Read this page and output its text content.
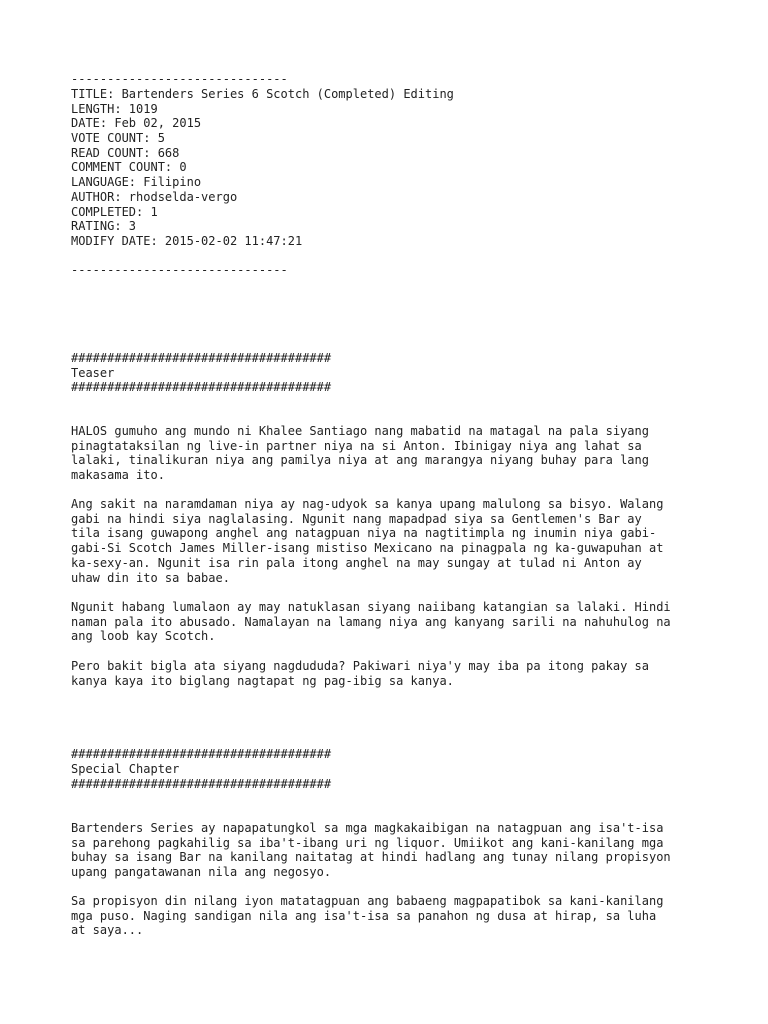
------------------------------
TITLE: Bartenders Series 6 Scotch (Completed) Editing
LENGTH: 1019
DATE: Feb 02, 2015
VOTE COUNT: 5
READ COUNT: 668
COMMENT COUNT: 0
LANGUAGE: Filipino
AUTHOR: rhodselda-vergo
COMPLETED: 1
RATING: 3
MODIFY DATE: 2015-02-02 11:47:21
------------------------------
####################################
Teaser
####################################
HALOS gumuho ang mundo ni Khalee Santiago nang mabatid na matagal na pala siyang
pinagtataksilan ng live-in partner niya na si Anton. Ibinigay niya ang lahat sa
lalaki, tinalikuran niya ang pamilya niya at ang marangya niyang buhay para lang
makasama ito.
Ang sakit na naramdaman niya ay nag-udyok sa kanya upang malulong sa bisyo. Walang
gabi na hindi siya naglalasing. Ngunit nang mapadpad siya sa Gentlemen's Bar ay
tila isang guwapong anghel ang natagpuan niya na nagtitimpla ng inumin niya gabi-
gabi-Si Scotch James Miller-isang mistiso Mexicano na pinagpala ng ka-guwapuhan at
ka-sexy-an. Ngunit isa rin pala itong anghel na may sungay at tulad ni Anton ay
uhaw din ito sa babae.
Ngunit habang lumalaon ay may natuklasan siyang naiibang katangian sa lalaki. Hindi
naman pala ito abusado. Namalayan na lamang niya ang kanyang sarili na nahuhulog na
ang loob kay Scotch.
Pero bakit bigla ata siyang nagdududa? Pakiwari niya'y may iba pa itong pakay sa
kanya kaya ito biglang nagtapat ng pag-ibig sa kanya.
####################################
Special Chapter
####################################
Bartenders Series ay napapatungkol sa mga magkakaibigan na natagpuan ang isa't-isa
sa parehong pagkahilig sa iba't-ibang uri ng liquor. Umiikot ang kani-kanilang mga
buhay sa isang Bar na kanilang naitatag at hindi hadlang ang tunay nilang propisyon
upang pangatawanan nila ang negosyo.
Sa propisyon din nilang iyon matatagpuan ang babaeng magpapatibok sa kani-kanilang
mga puso. Naging sandigan nila ang isa't-isa sa panahon ng dusa at hirap, sa luha
at saya...
